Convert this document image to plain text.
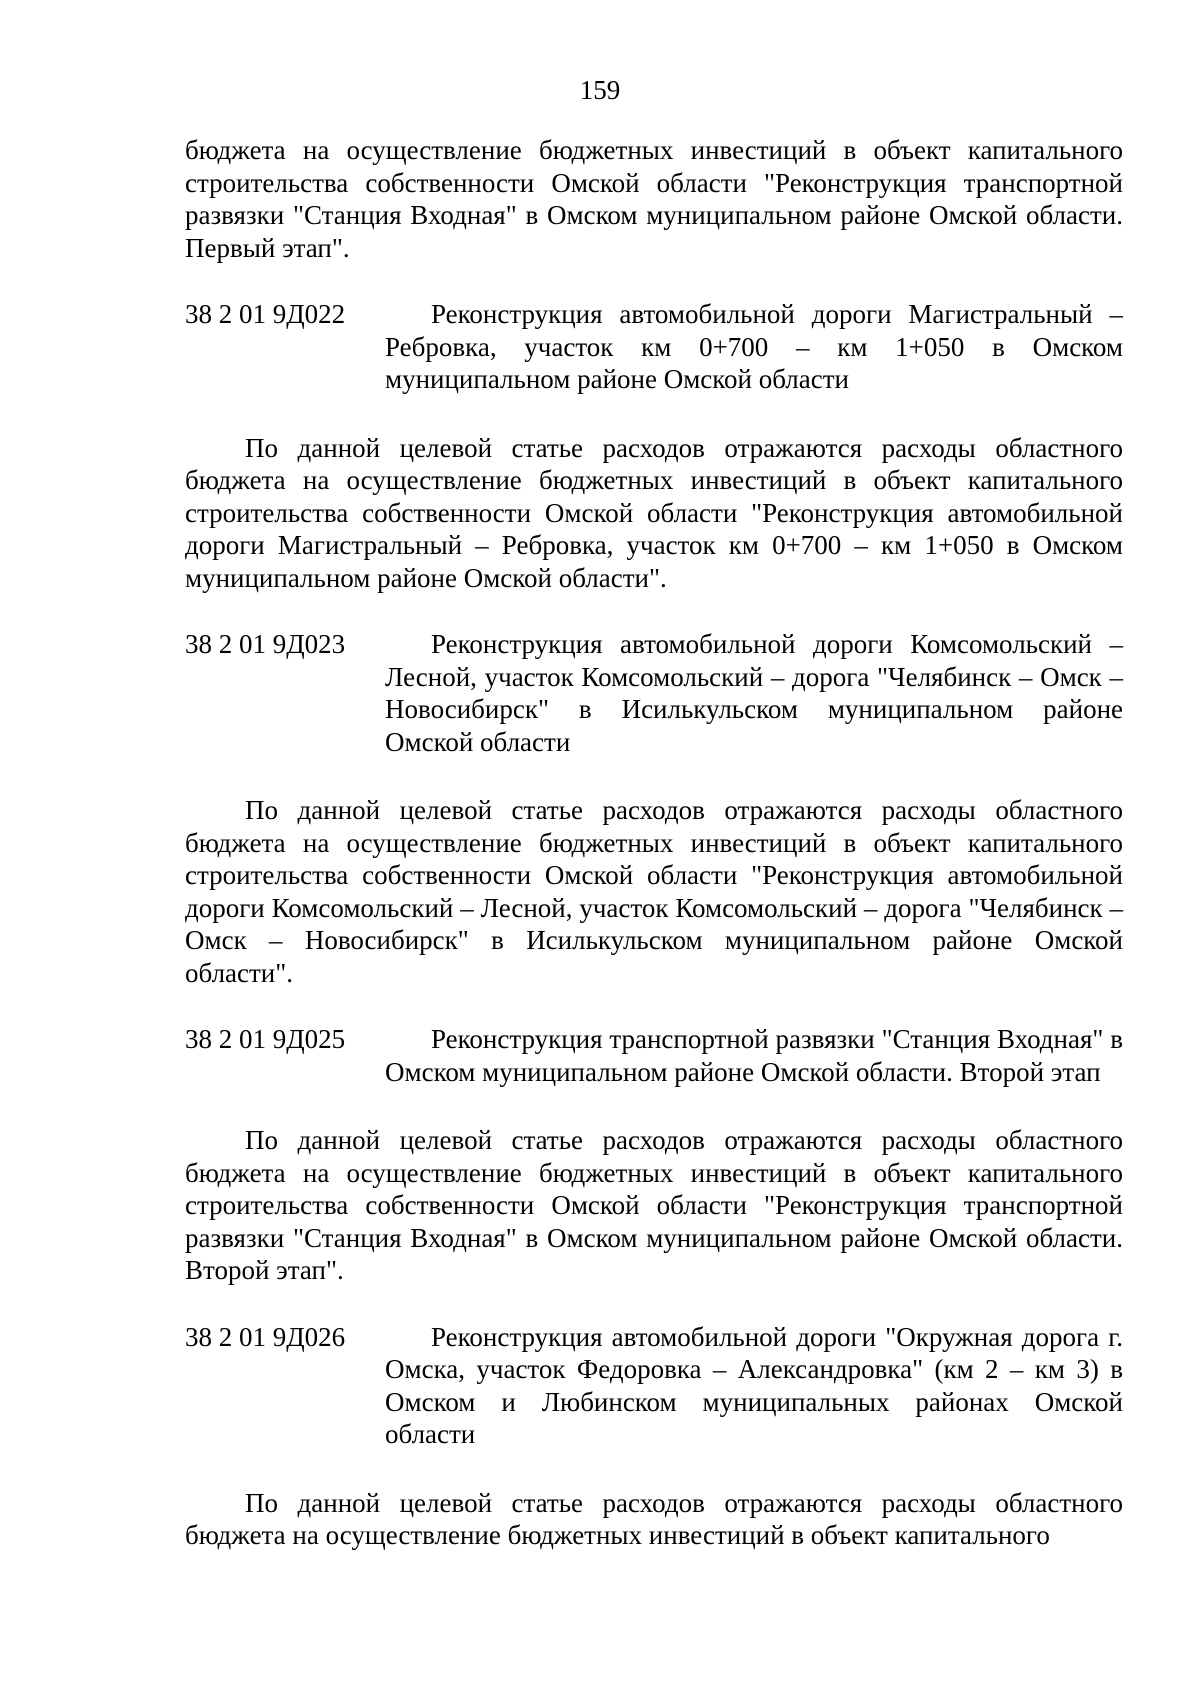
159

бюджета на осуществление бюджетных инвестиций в объект капитального строительства собственности Омской области "Реконструкция транспортной развязки "Станция Входная" в Омском муниципальном районе Омской области. Первый этап".

38 2 01 9Д022	Реконструкция автомобильной дороги Магистральный – Ребровка, участок км 0+700 – км 1+050 в Омском муниципальном районе Омской области

По данной целевой статье расходов отражаются расходы областного бюджета на осуществление бюджетных инвестиций в объект капитального строительства собственности Омской области "Реконструкция автомобильной дороги Магистральный – Ребровка, участок км 0+700 – км 1+050 в Омском муниципальном районе Омской области".

38 2 01 9Д023	Реконструкция автомобильной дороги Комсомольский – Лесной, участок Комсомольский – дорога "Челябинск – Омск – Новосибирск" в Исилькульском муниципальном районе Омской области

По данной целевой статье расходов отражаются расходы областного бюджета на осуществление бюджетных инвестиций в объект капитального строительства собственности Омской области "Реконструкция автомобильной дороги Комсомольский – Лесной, участок Комсомольский – дорога "Челябинск – Омск – Новосибирск" в Исилькульском муниципальном районе Омской области".

38 2 01 9Д025	Реконструкция транспортной развязки "Станция Входная" в Омском муниципальном районе Омской области. Второй этап

По данной целевой статье расходов отражаются расходы областного бюджета на осуществление бюджетных инвестиций в объект капитального строительства собственности Омской области "Реконструкция транспортной развязки "Станция Входная" в Омском муниципальном районе Омской области. Второй этап".

38 2 01 9Д026	Реконструкция автомобильной дороги "Окружная дорога г. Омска, участок Федоровка – Александровка" (км 2 – км 3) в Омском и Любинском муниципальных районах Омской области

По данной целевой статье расходов отражаются расходы областного бюджета на осуществление бюджетных инвестиций в объект капитального
